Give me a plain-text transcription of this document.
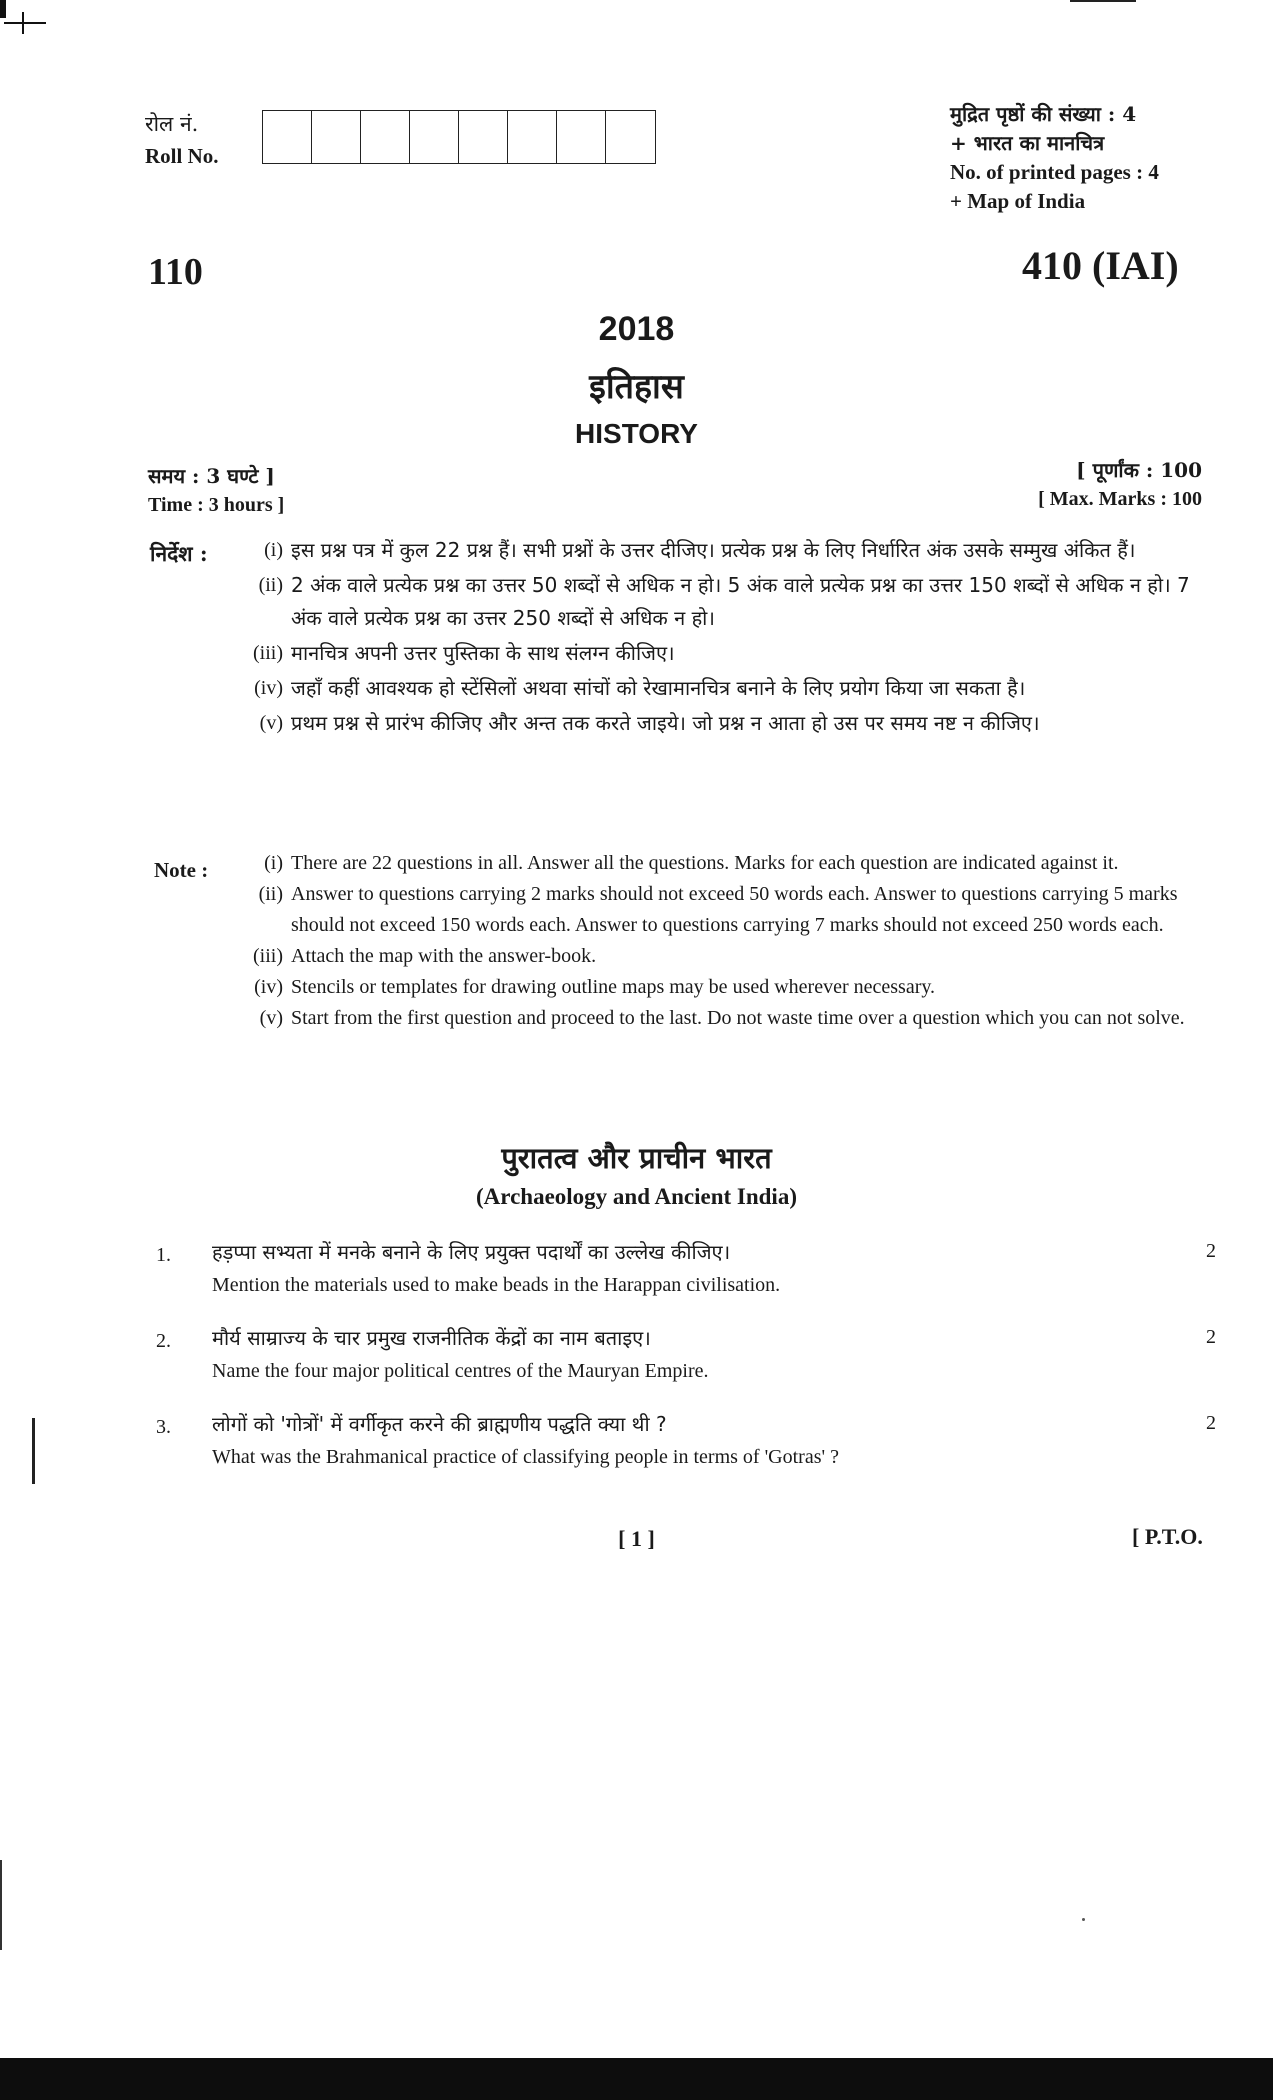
रोल नं.
Roll No.
मुद्रित पृष्ठों की संख्या : 4
+ भारत का मानचित्र
No. of printed pages : 4
+ Map of India
110	410 (IAI)
2018
इतिहास
HISTORY
समय : 3 घण्टे ]
Time : 3 hours ]
[ पूर्णांक : 100
[ Max. Marks : 100
निर्देश :	(i) इस प्रश्न पत्र में कुल 22 प्रश्न हैं। सभी प्रश्नों के उत्तर दीजिए। प्रत्येक प्रश्न के लिए निर्धारित अंक उसके सम्मुख अंकित हैं।
(ii) 2 अंक वाले प्रत्येक प्रश्न का उत्तर 50 शब्दों से अधिक न हो। 5 अंक वाले प्रत्येक प्रश्न का उत्तर 150 शब्दों से अधिक न हो। 7 अंक वाले प्रत्येक प्रश्न का उत्तर 250 शब्दों से अधिक न हो।
(iii) मानचित्र अपनी उत्तर पुस्तिका के साथ संलग्न कीजिए।
(iv) जहाँ कहीं आवश्यक हो स्टेंसिलों अथवा सांचों को रेखामानचित्र बनाने के लिए प्रयोग किया जा सकता है।
(v) प्रथम प्रश्न से प्रारंभ कीजिए और अन्त तक करते जाइये। जो प्रश्न न आता हो उस पर समय नष्ट न कीजिए।
Note :	(i) There are 22 questions in all. Answer all the questions. Marks for each question are indicated against it.
(ii) Answer to questions carrying 2 marks should not exceed 50 words each. Answer to questions carrying 5 marks should not exceed 150 words each. Answer to questions carrying 7 marks should not exceed 250 words each.
(iii) Attach the map with the answer-book.
(iv) Stencils or templates for drawing outline maps may be used wherever necessary.
(v) Start from the first question and proceed to the last. Do not waste time over a question which you can not solve.
पुरातत्व और प्राचीन भारत
(Archaeology and Ancient India)
1.	हड़प्पा सभ्यता में मनके बनाने के लिए प्रयुक्त पदार्थों का उल्लेख कीजिए।
Mention the materials used to make beads in the Harappan civilisation.
2
2.	मौर्य साम्राज्य के चार प्रमुख राजनीतिक केंद्रों का नाम बताइए।
Name the four major political centres of the Mauryan Empire.
2
3.	लोगों को 'गोत्रों' में वर्गीकृत करने की ब्राह्मणीय पद्धति क्या थी ?
What was the Brahmanical practice of classifying people in terms of 'Gotras' ?
2
[ 1 ]	[ P.T.O.
